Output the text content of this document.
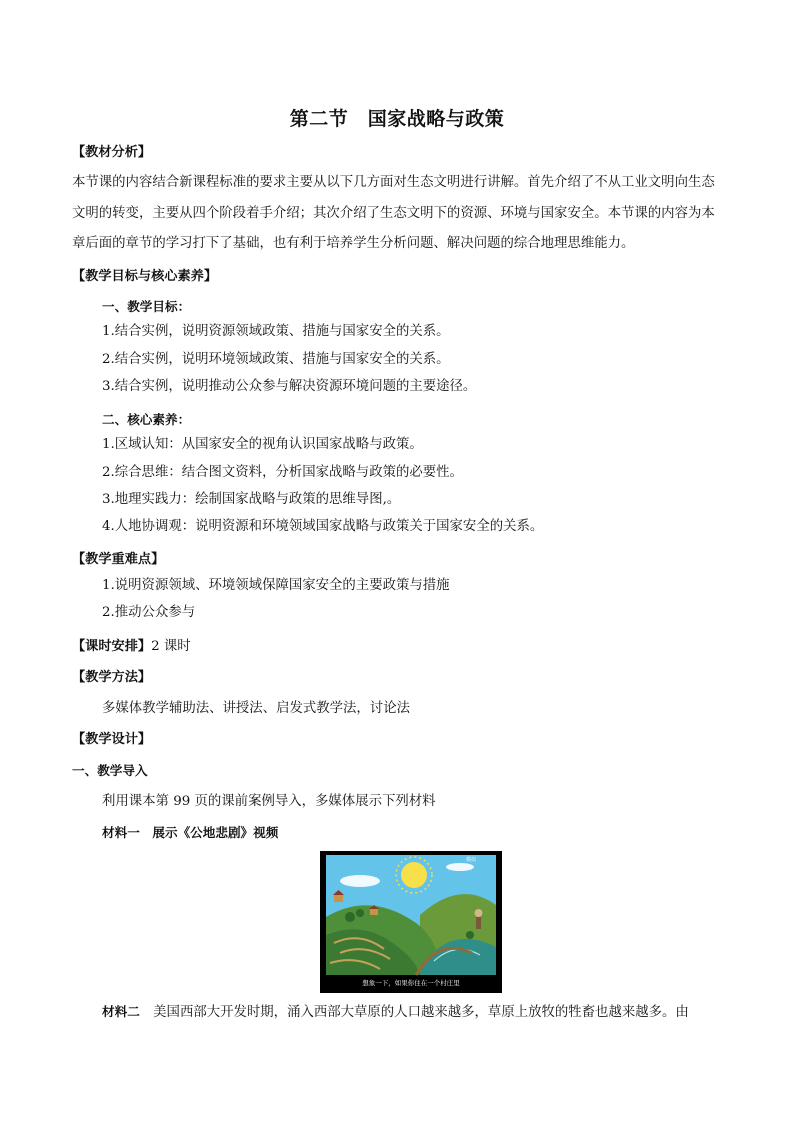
第二节　国家战略与政策
【教材分析】
本节课的内容结合新课程标准的要求主要从以下几方面对生态文明进行讲解。首先介绍了不从工业文明向生态文明的转变，主要从四个阶段着手介绍；其次介绍了生态文明下的资源、环境与国家安全。本节课的内容为本章后面的章节的学习打下了基础，也有利于培养学生分析问题、解决问题的综合地理思维能力。
【教学目标与核心素养】
一、教学目标：
1.结合实例，说明资源领域政策、措施与国家安全的关系。
2.结合实例，说明环境领域政策、措施与国家安全的关系。
3.结合实例，说明推动公众参与解决资源环境问题的主要途径。
二、核心素养：
1.区域认知：从国家安全的视角认识国家战略与政策。
2.综合思维：结合图文资料，分析国家战略与政策的必要性。
3.地理实践力：绘制国家战略与政策的思维导图,。
4.人地协调观：说明资源和环境领域国家战略与政策关于国家安全的关系。
【教学重难点】
1.说明资源领域、环境领域保障国家安全的主要政策与措施
2.推动公众参与
【课时安排】2 课时
【教学方法】
多媒体教学辅助法、讲授法、启发式教学法，讨论法
【教学设计】
一、教学导入
利用课本第 99 页的课前案例导入，多媒体展示下列材料
材料一　展示《公地悲剧》视频
模拟
想象一下，如果你住在一个村庄里
材料二　 美国西部大开发时期，涌入西部大草原的人口越来越多，草原上放牧的牲畜也越来越多。由
